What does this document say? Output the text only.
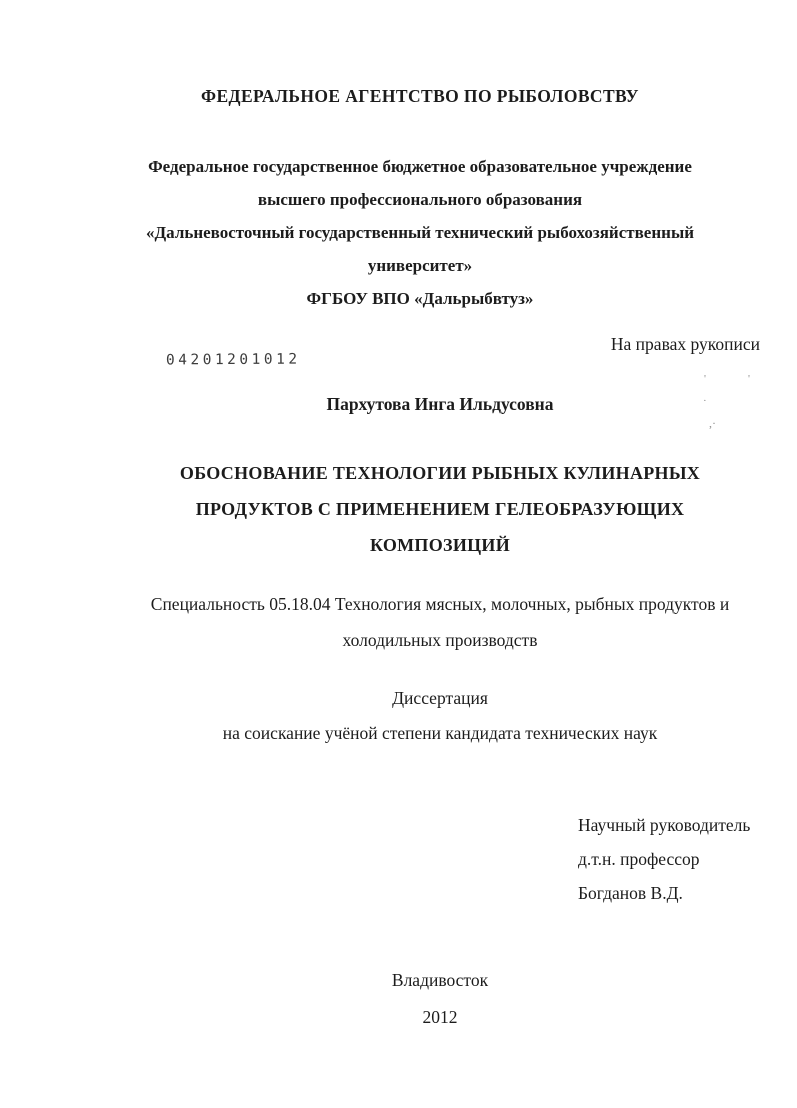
ФЕДЕРАЛЬНОЕ АГЕНТСТВО ПО РЫБОЛОВСТВУ
Федеральное государственное бюджетное образовательное учреждение
высшего профессионального образования
«Дальневосточный государственный технический рыбохозяйственный
университет»
ФГБОУ ВПО «Дальрыбвтуз»
На правах рукописи
04201201012
Пархутова Инга Ильдусовна
ОБОСНОВАНИЕ ТЕХНОЛОГИИ РЫБНЫХ КУЛИНАРНЫХ
ПРОДУКТОВ С ПРИМЕНЕНИЕМ ГЕЛЕОБРАЗУЮЩИХ
КОМПОЗИЦИЙ
Специальность 05.18.04 Технология мясных, молочных, рыбных продуктов и
холодильных производств
Диссертация
на соискание учёной степени кандидата технических наук
Научный руководитель
д.т.н. профессор
Богданов В.Д.
Владивосток
2012
'	'
·
,·
